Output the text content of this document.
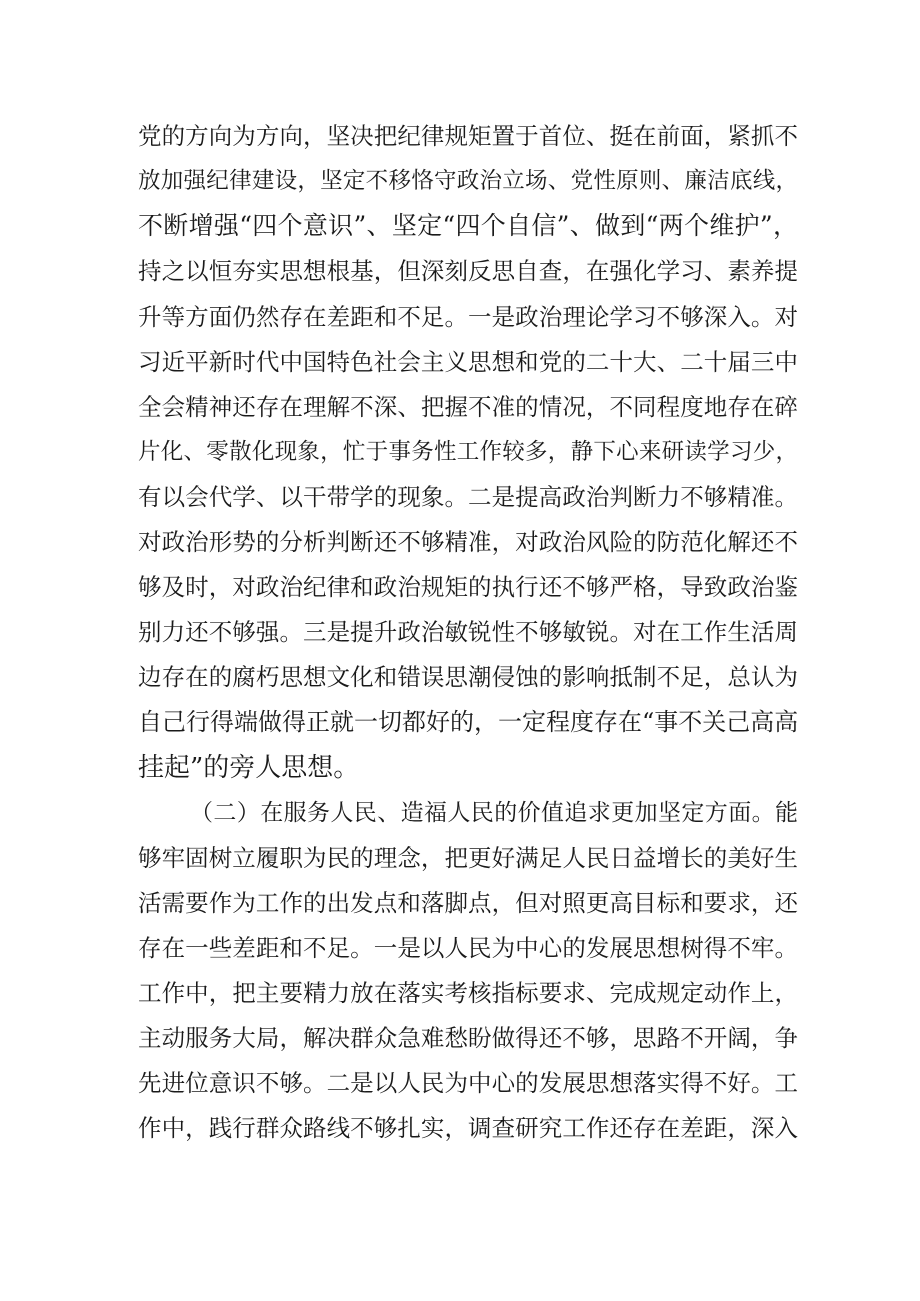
党的方向为方向，坚决把纪律规矩置于首位、挺在前面，紧抓不
放加强纪律建设，坚定不移恪守政治立场、党性原则、廉洁底线，
不断增强“四个意识”、坚定“四个自信”、做到“两个维护”，
持之以恒夯实思想根基，但深刻反思自查，在强化学习、素养提
升等方面仍然存在差距和不足。一是政治理论学习不够深入。对
习近平新时代中国特色社会主义思想和党的二十大、二十届三中
全会精神还存在理解不深、把握不准的情况，不同程度地存在碎
片化、零散化现象，忙于事务性工作较多，静下心来研读学习少，
有以会代学、以干带学的现象。二是提高政治判断力不够精准。
对政治形势的分析判断还不够精准，对政治风险的防范化解还不
够及时，对政治纪律和政治规矩的执行还不够严格，导致政治鉴
别力还不够强。三是提升政治敏锐性不够敏锐。对在工作生活周
边存在的腐朽思想文化和错误思潮侵蚀的影响抵制不足，总认为
自己行得端做得正就一切都好的，一定程度存在“事不关己高高
挂起”的旁人思想。
（二）在服务人民、造福人民的价值追求更加坚定方面。能
够牢固树立履职为民的理念，把更好满足人民日益增长的美好生
活需要作为工作的出发点和落脚点，但对照更高目标和要求，还
存在一些差距和不足。一是以人民为中心的发展思想树得不牢。
工作中，把主要精力放在落实考核指标要求、完成规定动作上，
主动服务大局，解决群众急难愁盼做得还不够，思路不开阔，争
先进位意识不够。二是以人民为中心的发展思想落实得不好。工
作中，践行群众路线不够扎实，调查研究工作还存在差距，深入
